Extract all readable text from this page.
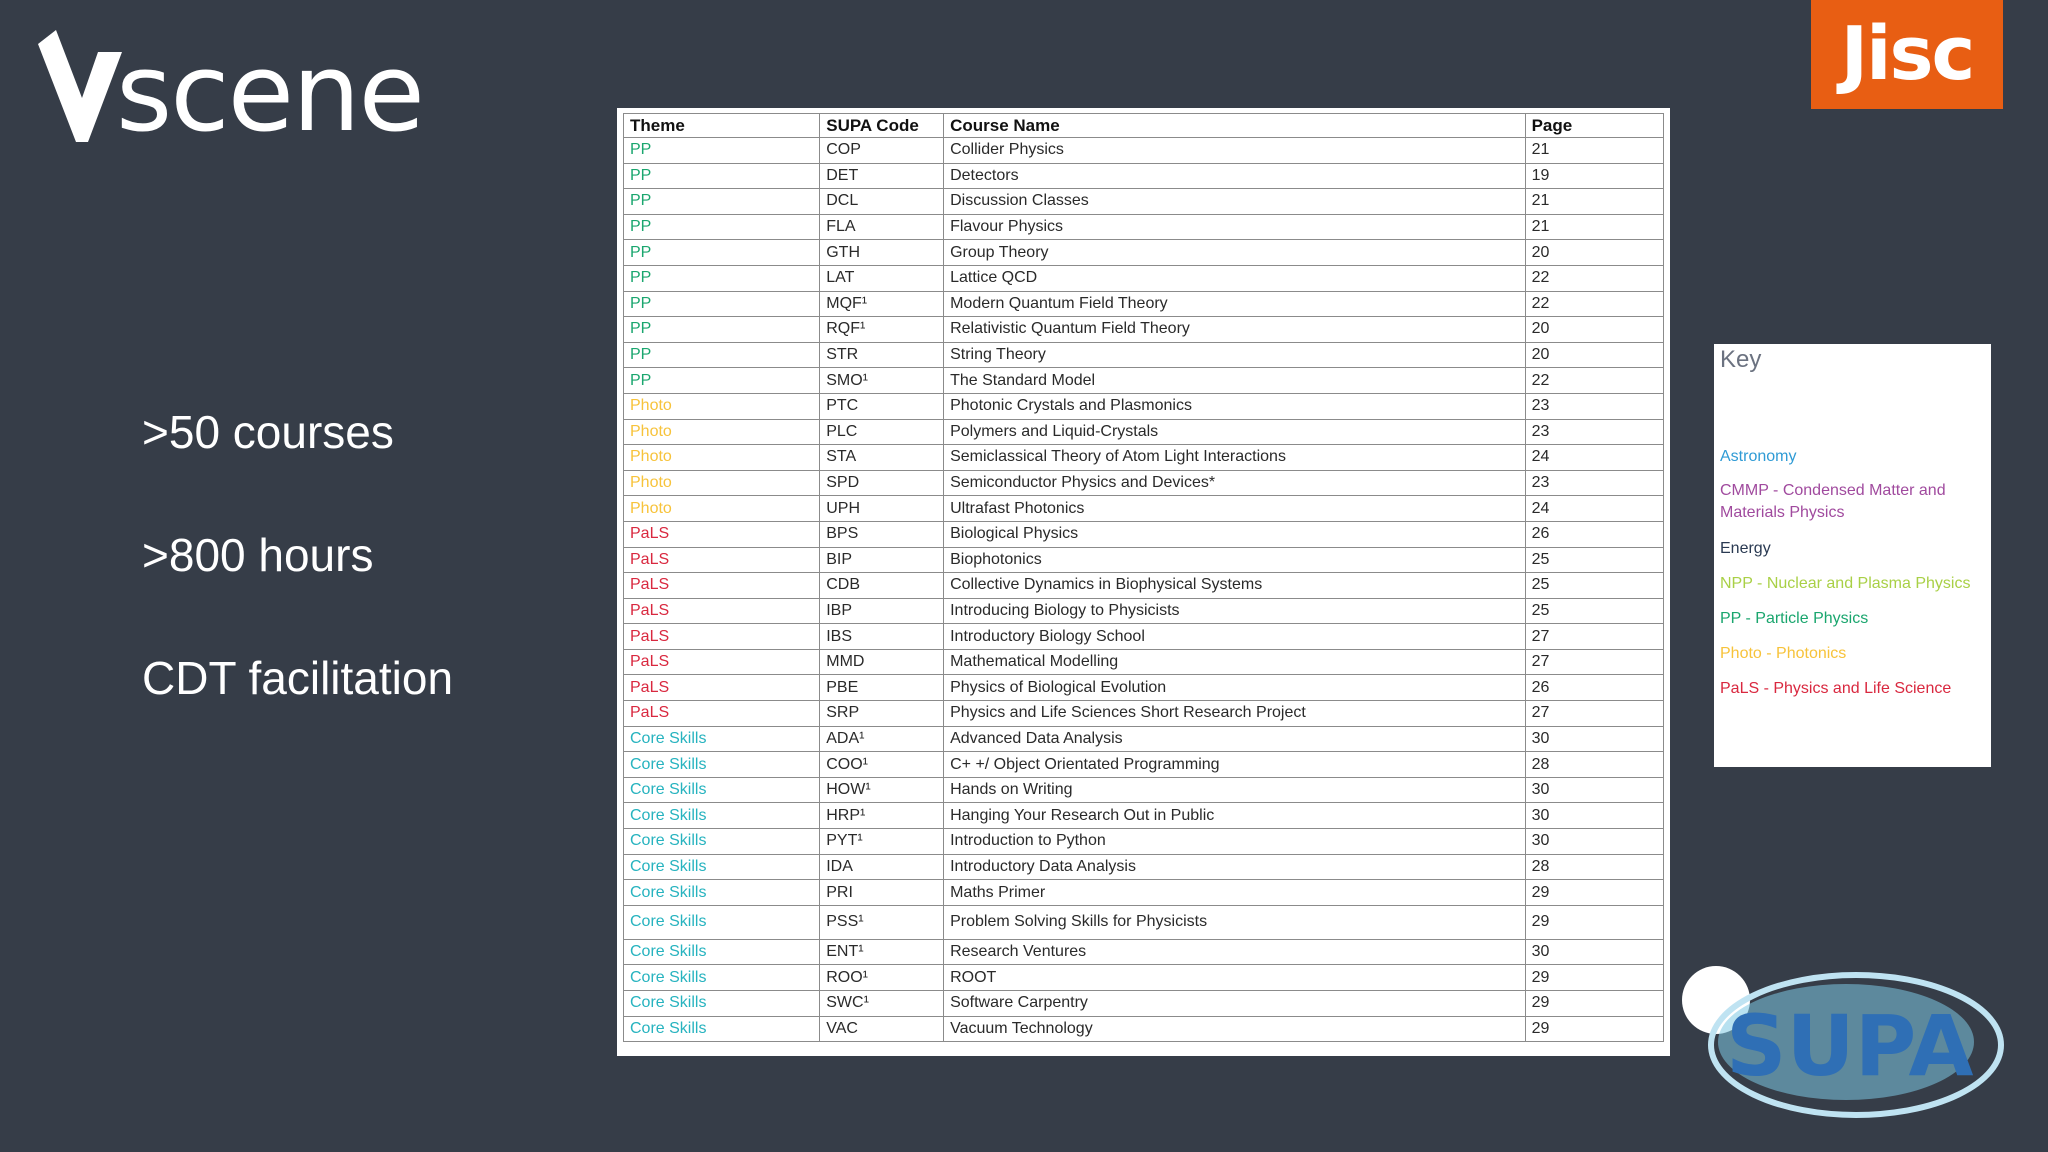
scene	Jisc
>50 courses
>800 hours
CDT facilitation
Theme	SUPA Code	Course Name	Page
PP	COP	Collider Physics	21
PP	DET	Detectors	19
PP	DCL	Discussion Classes	21
PP	FLA	Flavour Physics	21
PP	GTH	Group Theory	20
PP	LAT	Lattice QCD	22
PP	MQF¹	Modern Quantum Field Theory	22
PP	RQF¹	Relativistic Quantum Field Theory	20
PP	STR	String Theory	20
PP	SMO¹	The Standard Model	22
Photo	PTC	Photonic Crystals and Plasmonics	23
Photo	PLC	Polymers and Liquid-Crystals	23
Photo	STA	Semiclassical Theory of Atom Light Interactions	24
Photo	SPD	Semiconductor Physics and Devices*	23
Photo	UPH	Ultrafast Photonics	24
PaLS	BPS	Biological Physics	26
PaLS	BIP	Biophotonics	25
PaLS	CDB	Collective Dynamics in Biophysical Systems	25
PaLS	IBP	Introducing Biology to Physicists	25
PaLS	IBS	Introductory Biology School	27
PaLS	MMD	Mathematical Modelling	27
PaLS	PBE	Physics of Biological Evolution	26
PaLS	SRP	Physics and Life Sciences Short Research Project	27
Core Skills	ADA¹	Advanced Data Analysis	30
Core Skills	COO¹	C+ +/ Object Orientated Programming	28
Core Skills	HOW¹	Hands on Writing	30
Core Skills	HRP¹	Hanging Your Research Out in Public	30
Core Skills	PYT¹	Introduction to Python	30
Core Skills	IDA	Introductory Data Analysis	28
Core Skills	PRI	Maths Primer	29
Core Skills	PSS¹	Problem Solving Skills for Physicists	29
Core Skills	ENT¹	Research Ventures	30
Core Skills	ROO¹	ROOT	29
Core Skills	SWC¹	Software Carpentry	29
Core Skills	VAC	Vacuum Technology	29
Key
Astronomy
CMMP - Condensed Matter and Materials Physics
Energy
NPP - Nuclear and Plasma Physics
PP - Particle Physics
Photo - Photonics
PaLS - Physics and Life Science
SUPA
